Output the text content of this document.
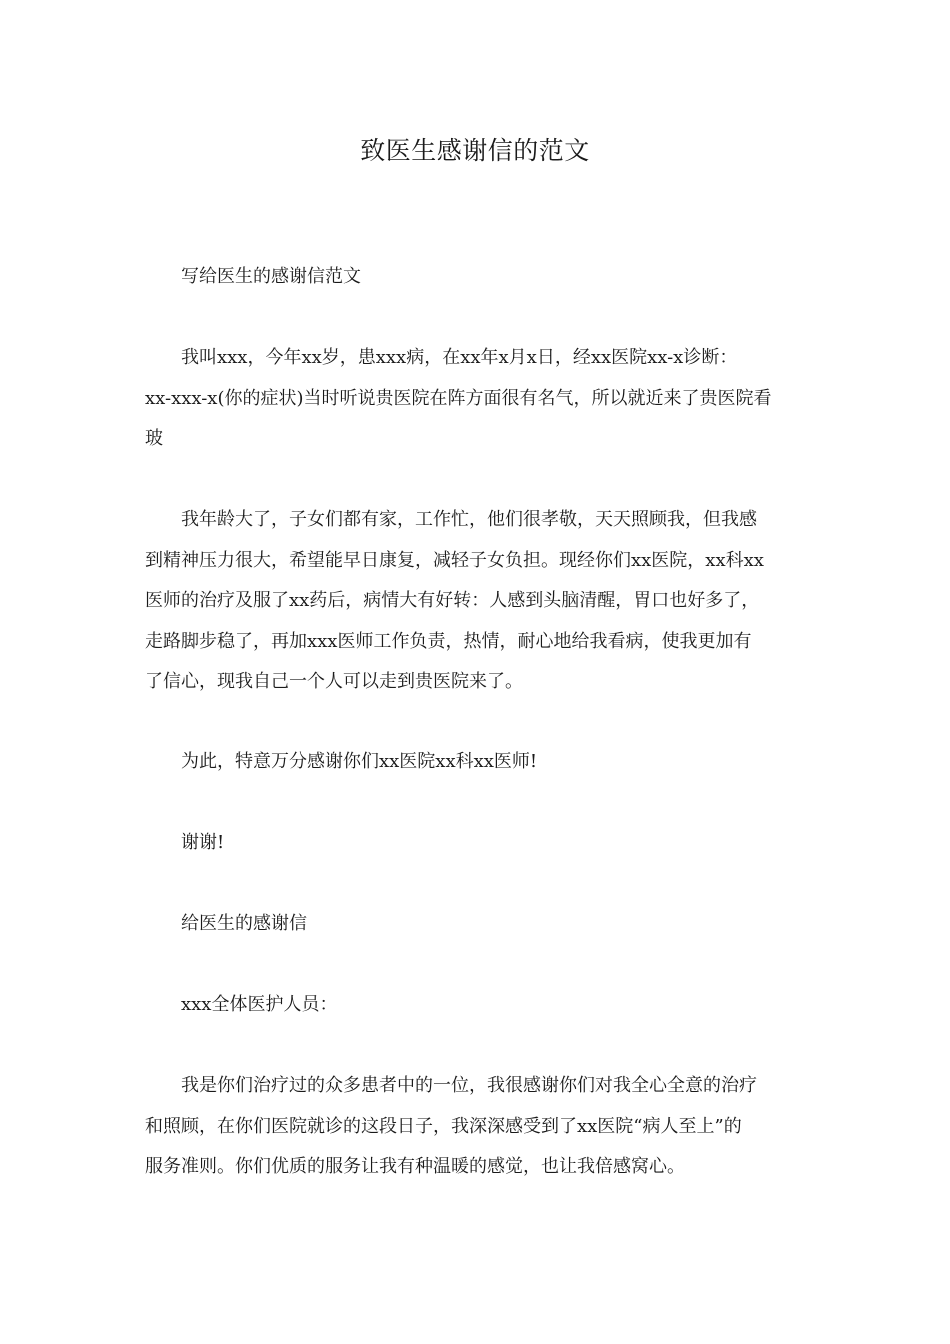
致医生感谢信的范文
写给医生的感谢信范文
我叫xxx，今年xx岁，患xxx病，在xx年x月x日，经xx医院xx-x诊断：
xx-xxx-x(你的症状)当时听说贵医院在阵方面很有名气，所以就近来了贵医院看
玻
我年龄大了，子女们都有家，工作忙，他们很孝敬，天天照顾我，但我感
到精神压力很大，希望能早日康复，减轻子女负担。现经你们xx医院，xx科xx
医师的治疗及服了xx药后，病情大有好转：人感到头脑清醒，胃口也好多了，
走路脚步稳了，再加xxx医师工作负责，热情，耐心地给我看病，使我更加有
了信心，现我自己一个人可以走到贵医院来了。
为此，特意万分感谢你们xx医院xx科xx医师!
谢谢!
给医生的感谢信
xxx全体医护人员：
我是你们治疗过的众多患者中的一位，我很感谢你们对我全心全意的治疗
和照顾，在你们医院就诊的这段日子，我深深感受到了xx医院“病人至上”的
服务准则。你们优质的服务让我有种温暖的感觉，也让我倍感窝心。
